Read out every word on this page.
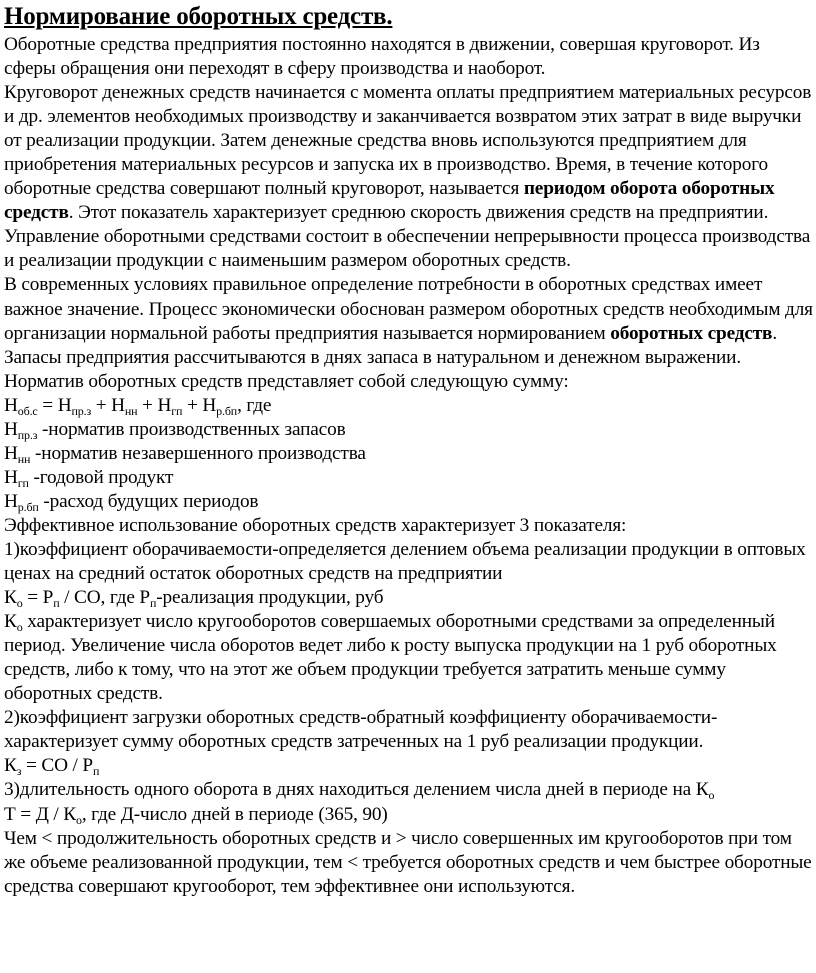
Нормирование оборотных средств.

Оборотные средства предприятия постоянно находятся в движении, совершая круговорот. Из сферы обращения они переходят в сферу производства и наоборот.

Круговорот денежных средств начинается с момента оплаты предприятием материальных ресурсов и др. элементов необходимых производству и заканчивается возвратом этих затрат в виде выручки от реализации продукции. Затем денежные средства вновь используются предприятием для приобретения материальных ресурсов и запуска их в производство. Время, в течение которого оборотные средства совершают полный круговорот, называется периодом оборота оборотных средств. Этот показатель характеризует среднюю скорость движения средств на предприятии.

Управление оборотными средствами состоит в обеспечении непрерывности процесса производства и реализации продукции с наименьшим размером оборотных средств.

В современных условиях правильное определение потребности в оборотных средствах имеет важное значение. Процесс экономически обоснован размером оборотных средств необходимым для организации нормальной работы предприятия называется нормированием оборотных средств. Запасы предприятия рассчитываются в днях запаса в натуральном и денежном выражении.

Норматив оборотных средств представляет собой следующую сумму:

$Н_{об.с} = Н_{пр.з} + Н_{нн} + Н_{гп} + Н_{р.бп}$, где

$Н_{пр.з}$ -норматив производственных запасов

$Н_{нн}$ -норматив незавершенного производства

$Н_{гп}$ -годовой продукт

$Н_{р.бп}$ -расход будущих периодов

Эффективное использование оборотных средств характеризует 3 показателя:

1)коэффициент оборачиваемости-определяется делением объема реализации продукции в оптовых ценах на средний остаток оборотных средств на предприятии

$К_о = Р_п$ / СО, где $Р_п$-реализация продукции, руб

$К_о$ характеризует число кругооборотов совершаемых оборотными средствами за определенный период. Увеличение числа оборотов ведет либо к росту выпуска продукции на 1 руб оборотных средств, либо к тому, что на этот же объем продукции требуется затратить меньше сумму оборотных средств.

2)коэффициент загрузки оборотных средств-обратный коэффициенту оборачиваемости-характеризует сумму оборотных средств затреченных на 1 руб реализации продукции.

$К_з$ = СО / $Р_п$

3)длительность одного оборота в днях находиться делением числа дней в периоде на $К_о$

$Т = Д / К_о$, где Д-число дней в периоде (365, 90)

Чем < продолжительность оборотных средств и > число совершенных им кругооборотов при том же объеме реализованной продукции, тем < требуется оборотных средств и чем быстрее оборотные средства совершают кругооборот, тем эффективнее они используются.
